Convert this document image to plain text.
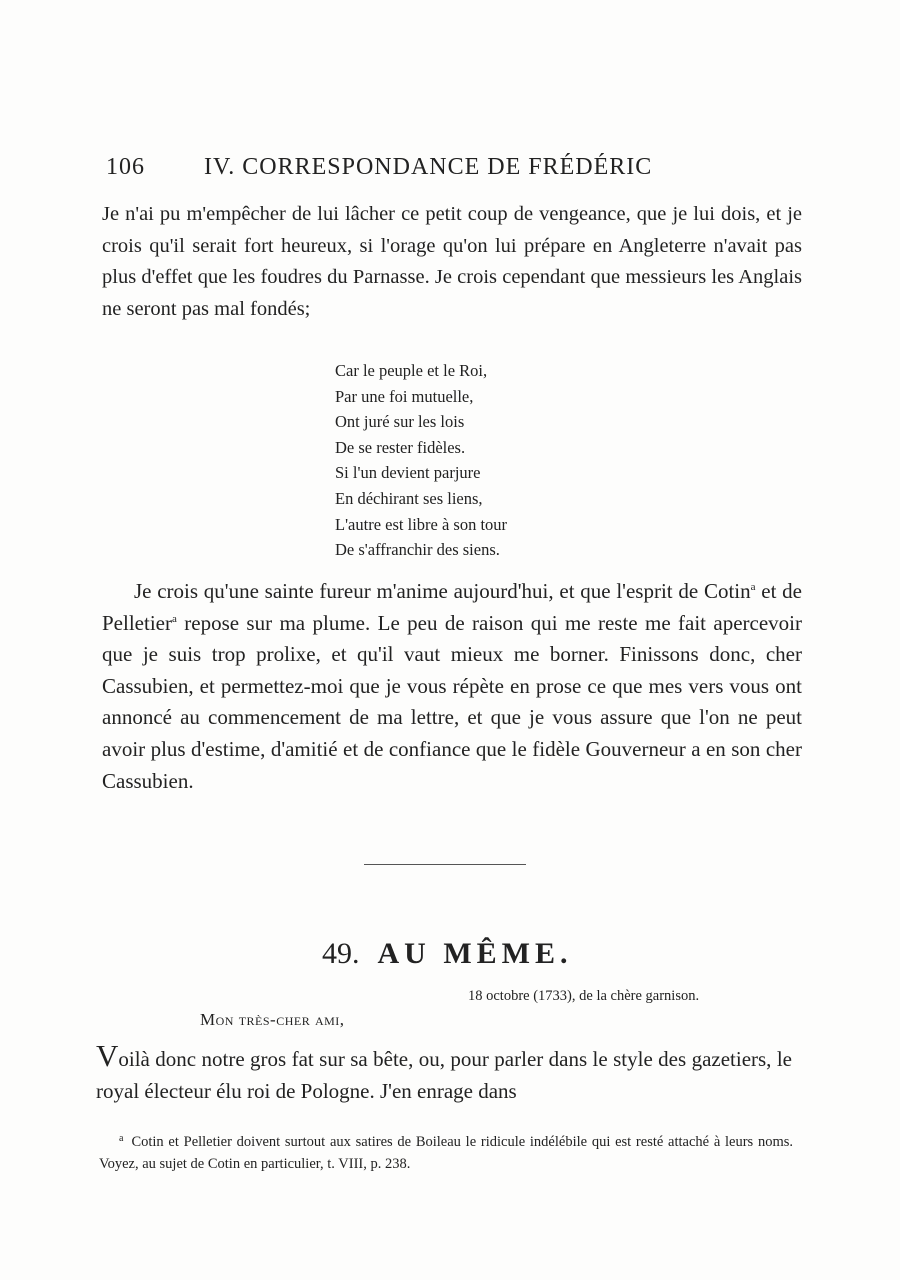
106 IV. CORRESPONDANCE DE FRÉDÉRIC

Je n'ai pu m'empêcher de lui lâcher ce petit coup de vengeance, que je lui dois, et je crois qu'il serait fort heureux, si l'orage qu'on lui prépare en Angleterre n'avait pas plus d'effet que les foudres du Parnasse. Je crois cependant que messieurs les Anglais ne seront pas mal fondés;

Car le peuple et le Roi,
Par une foi mutuelle,
Ont juré sur les lois
De se rester fidèles.
Si l'un devient parjure
En déchirant ses liens,
L'autre est libre à son tour
De s'affranchir des siens.

Je crois qu'une sainte fureur m'anime aujourd'hui, et que l'esprit de Cotin$^a$ et de Pelletier$^a$ repose sur ma plume. Le peu de raison qui me reste me fait apercevoir que je suis trop prolixe, et qu'il vaut mieux me borner. Finissons donc, cher Cassubien, et permettez-moi que je vous répète en prose ce que mes vers vous ont annoncé au commencement de ma lettre, et que je vous assure que l'on ne peut avoir plus d'estime, d'amitié et de confiance que le fidèle Gouverneur a en son cher Cassubien.

49. AU MÊME.
18 octobre (1733), de la chère garnison.
Mon très-cher ami,

Voilà donc notre gros fat sur sa bête, ou, pour parler dans le style des gazetiers, le royal électeur élu roi de Pologne. J'en enrage dans

$^a$ Cotin et Pelletier doivent surtout aux satires de Boileau le ridicule indélébile qui est resté attaché à leurs noms. Voyez, au sujet de Cotin en particulier, t. VIII, p. 238.
